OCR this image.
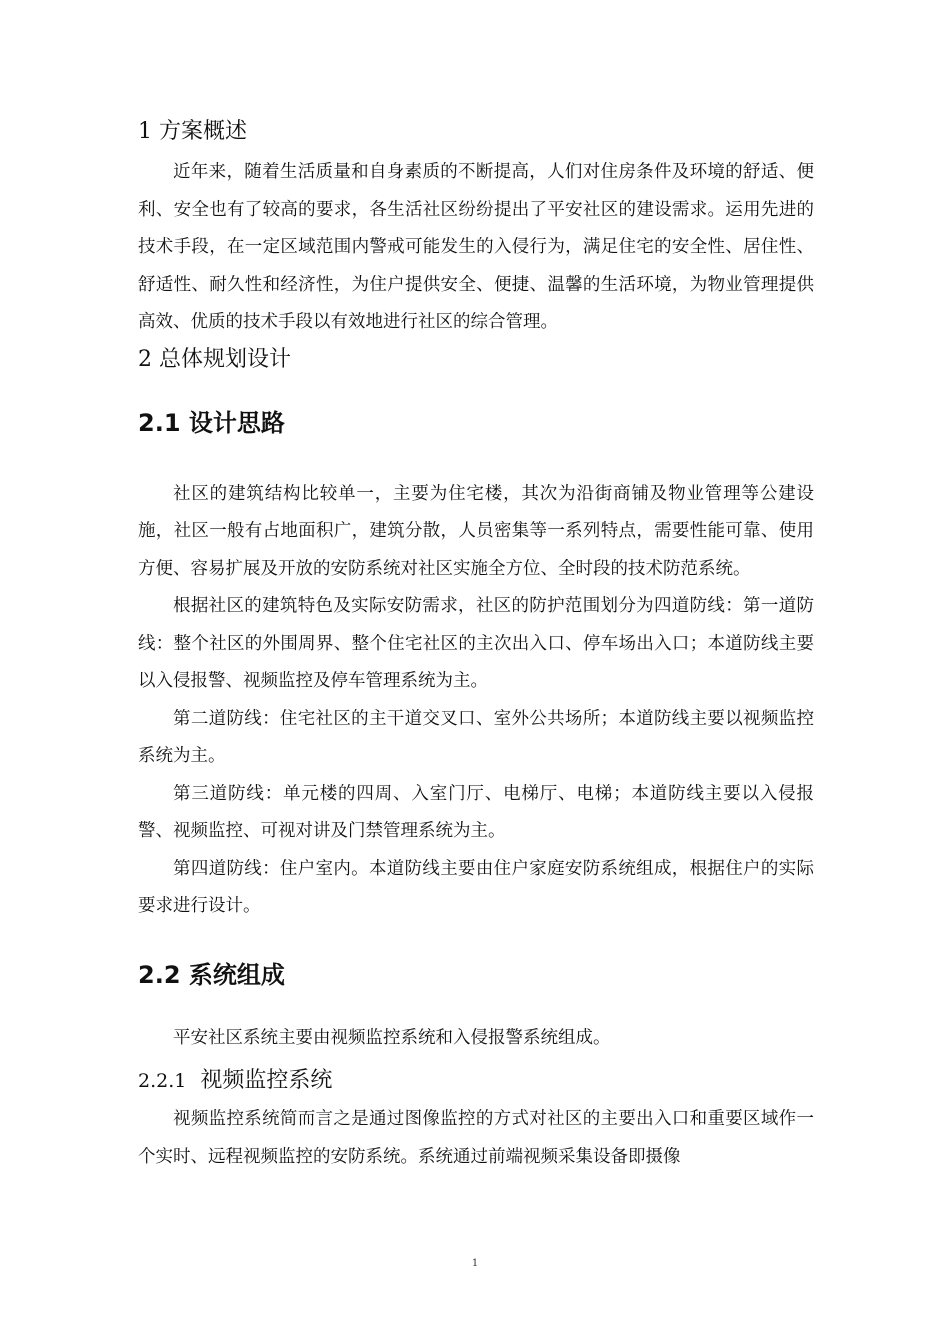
1 方案概述

近年来，随着生活质量和自身素质的不断提高，人们对住房条件及环境的舒适、便利、安全也有了较高的要求，各生活社区纷纷提出了平安社区的建设需求。运用先进的技术手段，在一定区域范围内警戒可能发生的入侵行为，满足住宅的安全性、居住性、舒适性、耐久性和经济性，为住户提供安全、便捷、温馨的生活环境，为物业管理提供高效、优质的技术手段以有效地进行社区的综合管理。

2 总体规划设计
2.1 设计思路

社区的建筑结构比较单一，主要为住宅楼，其次为沿街商铺及物业管理等公建设施，社区一般有占地面积广，建筑分散，人员密集等一系列特点，需要性能可靠、使用方便、容易扩展及开放的安防系统对社区实施全方位、全时段的技术防范系统。

根据社区的建筑特色及实际安防需求，社区的防护范围划分为四道防线：第一道防线：整个社区的外围周界、整个住宅社区的主次出入口、停车场出入口；本道防线主要以入侵报警、视频监控及停车管理系统为主。

第二道防线：住宅社区的主干道交叉口、室外公共场所；本道防线主要以视频监控系统为主。

第三道防线：单元楼的四周、入室门厅、电梯厅、电梯；本道防线主要以入侵报警、视频监控、可视对讲及门禁管理系统为主。

第四道防线：住户室内。本道防线主要由住户家庭安防系统组成，根据住户的实际要求进行设计。

2.2 系统组成

平安社区系统主要由视频监控系统和入侵报警系统组成。

2.2.1 视频监控系统

视频监控系统简而言之是通过图像监控的方式对社区的主要出入口和重要区域作一个实时、远程视频监控的安防系统。系统通过前端视频采集设备即摄像

1
